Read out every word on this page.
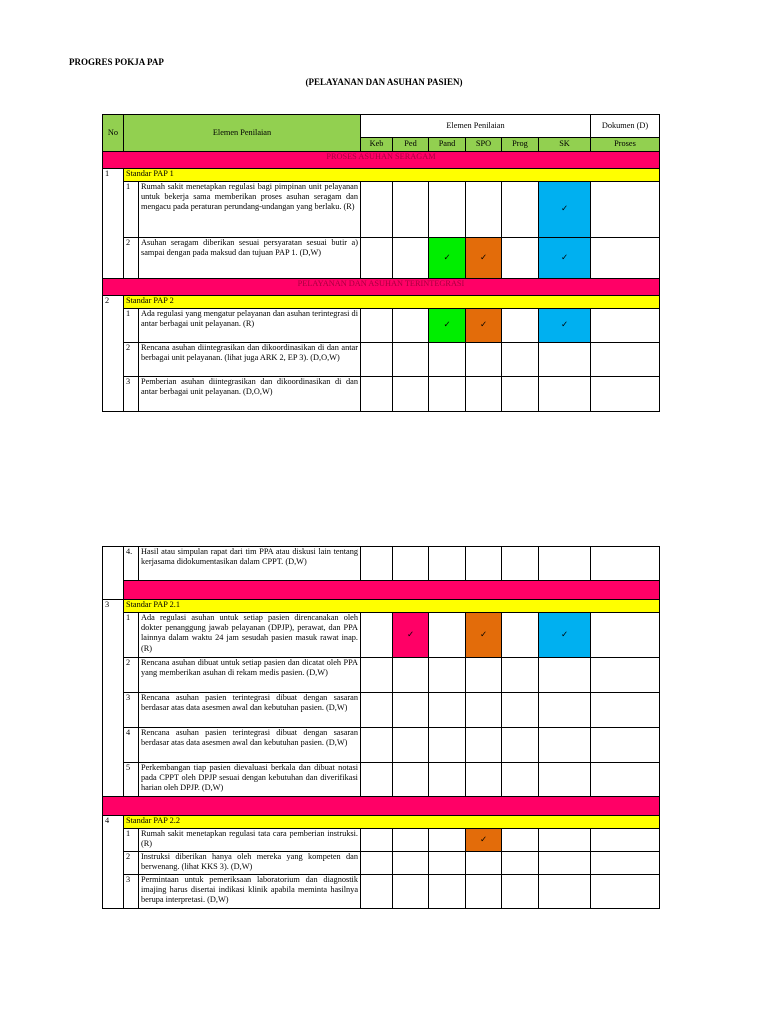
PROGRES POKJA PAP
(PELAYANAN DAN ASUHAN PASIEN)
No	Elemen Penilaian		Elemen Penilaian						Dokumen (D)
			Keb	Ped	Pand	SPO	Prog	SK	Proses
PROSES ASUHAN SERAGAM									
1	Standar PAP 1								
	1	Rumah sakit menetapkan regulasi bagi pimpinan unit pelayanan untuk bekerja sama memberikan proses asuhan seragam dan mengacu pada peraturan perundang-undangan yang berlaku. (R)						✓	
	2	Asuhan seragam diberikan sesuai persyaratan sesuai butir a) sampai dengan pada maksud dan tujuan PAP 1. (D,W)			✓	✓		✓	
PELAYANAN DAN ASUHAN TERINTEGRASI									
2	Standar PAP 2								
	1	Ada regulasi yang mengatur pelayanan dan asuhan terintegrasi di antar berbagai unit pelayanan. (R)			✓	✓		✓	
	2	Rencana asuhan diintegrasikan dan dikoordinasikan di dan antar berbagai unit pelayanan. (lihat juga ARK 2, EP 3). (D,O,W)							
	3	Pemberian asuhan diintegrasikan dan dikoordinasikan di dan antar berbagai unit pelayanan. (D,O,W)							
	4.	Hasil atau simpulan rapat dari tim PPA atau diskusi lain tentang kerjasama didokumentasikan dalam CPPT. (D,W)							

3	Standar PAP 2.1								
	1	Ada regulasi asuhan untuk setiap pasien direncanakan oleh dokter penanggung jawab pelayanan (DPJP), perawat, dan PPA lainnya dalam waktu 24 jam sesudah pasien masuk rawat inap. (R)		✓		✓		✓	
	2	Rencana asuhan dibuat untuk setiap pasien dan dicatat oleh PPA yang memberikan asuhan di rekam medis pasien. (D,W)							
	3	Rencana asuhan pasien terintegrasi dibuat dengan sasaran berdasar atas data asesmen awal dan kebutuhan pasien. (D,W)							
	4	Rencana asuhan pasien terintegrasi dibuat dengan sasaran berdasar atas data asesmen awal dan kebutuhan pasien. (D,W)							
	5	Perkembangan tiap pasien dievaluasi berkala dan dibuat notasi pada CPPT oleh DPJP sesuai dengan kebutuhan dan diverifikasi harian oleh DPJP. (D,W)							

4	Standar PAP 2.2								
	1	Rumah sakit menetapkan regulasi tata cara pemberian instruksi. (R)				✓			
	2	Instruksi diberikan hanya oleh mereka yang kompeten dan berwenang. (lihat KKS 3). (D,W)							
	3	Permintaan untuk pemeriksaan laboratorium dan diagnostik imajing harus disertai indikasi klinik apabila meminta hasilnya berupa interpretasi. (D,W)							
